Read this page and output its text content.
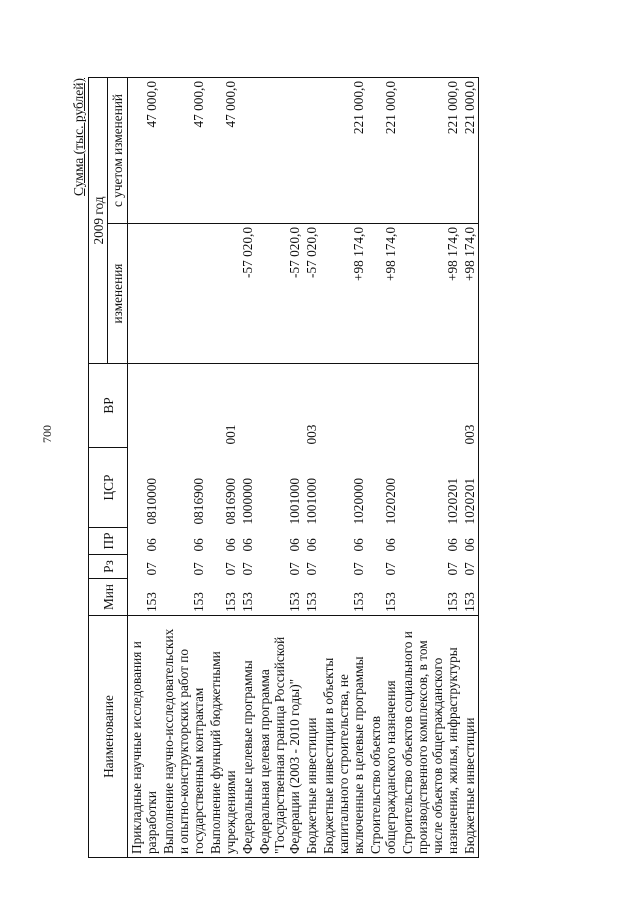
700
Сумма (тыс. рублей)
Наименование	Мин	Рз	ПР	ЦСР	ВР	2009 год	
						изменения	с учетом изменений

Прикладные научные исследования и разработки	153	07	06	0810000			47 000,0
Выполнение научно-исследовательских и опытно-конструкторских работ по государственным контрактам	153	07	06	0816900			47 000,0
Выполнение функций бюджетными учреждениями	153	07	06	0816900	001		47 000,0
Федеральные целевые программы	153	07	06	1000000		-57 020,0	
Федеральная целевая программа "Государственная граница Российской Федерации (2003 - 2010 годы)"	153	07	06	1001000		-57 020,0	
Бюджетные инвестиции	153	07	06	1001000	003	-57 020,0	
Бюджетные инвестиции в объекты капитального строительства, не включенные в целевые программы	153	07	06	1020000		+98 174,0	221 000,0
Строительство объектов общегражданского назначения	153	07	06	1020200		+98 174,0	221 000,0
Строительство объектов социального и производственного комплексов, в том числе объектов общегражданского назначения, жилья, инфраструктуры	153	07	06	1020201		+98 174,0	221 000,0
Бюджетные инвестиции	153	07	06	1020201	003	+98 174,0	221 000,0
